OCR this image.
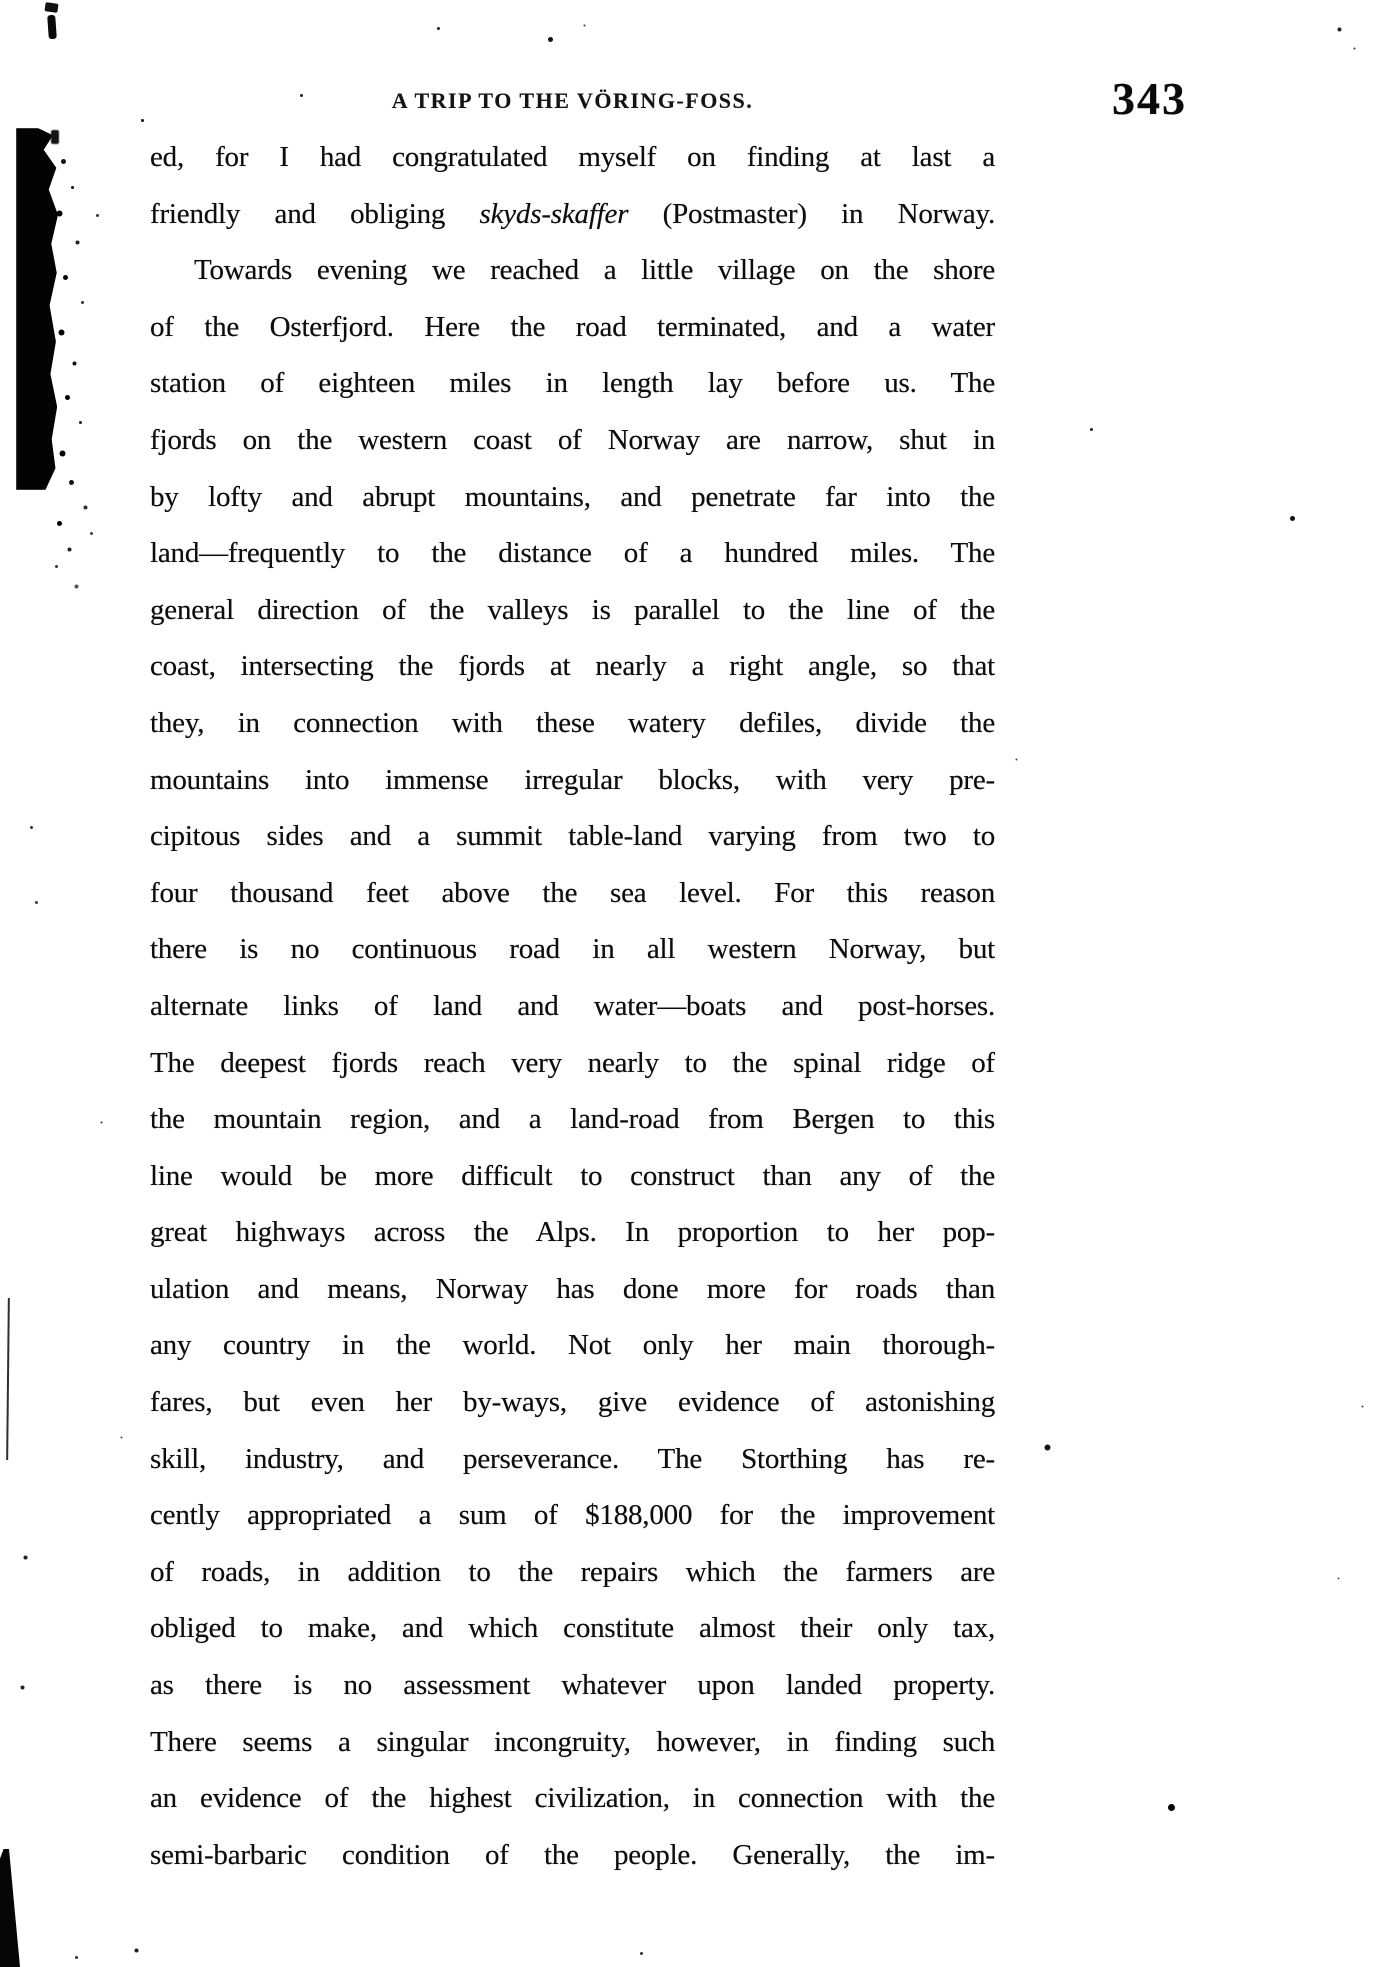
A TRIP TO THE VÖRING-FOSS.	343
ed, for I had congratulated myself on finding at last a
friendly and obliging skyds-skaffer (Postmaster) in Norway.
Towards evening we reached a little village on the shore
of the Osterfjord. Here the road terminated, and a water
station of eighteen miles in length lay before us. The
fjords on the western coast of Norway are narrow, shut in
by lofty and abrupt mountains, and penetrate far into the
land—frequently to the distance of a hundred miles. The
general direction of the valleys is parallel to the line of the
coast, intersecting the fjords at nearly a right angle, so that
they, in connection with these watery defiles, divide the
mountains into immense irregular blocks, with very pre-
cipitous sides and a summit table-land varying from two to
four thousand feet above the sea level. For this reason
there is no continuous road in all western Norway, but
alternate links of land and water—boats and post-horses.
The deepest fjords reach very nearly to the spinal ridge of
the mountain region, and a land-road from Bergen to this
line would be more difficult to construct than any of the
great highways across the Alps. In proportion to her pop-
ulation and means, Norway has done more for roads than
any country in the world. Not only her main thorough-
fares, but even her by-ways, give evidence of astonishing
skill, industry, and perseverance. The Storthing has re-
cently appropriated a sum of $188,000 for the improvement
of roads, in addition to the repairs which the farmers are
obliged to make, and which constitute almost their only tax,
as there is no assessment whatever upon landed property.
There seems a singular incongruity, however, in finding such
an evidence of the highest civilization, in connection with the
semi-barbaric condition of the people. Generally, the im-
